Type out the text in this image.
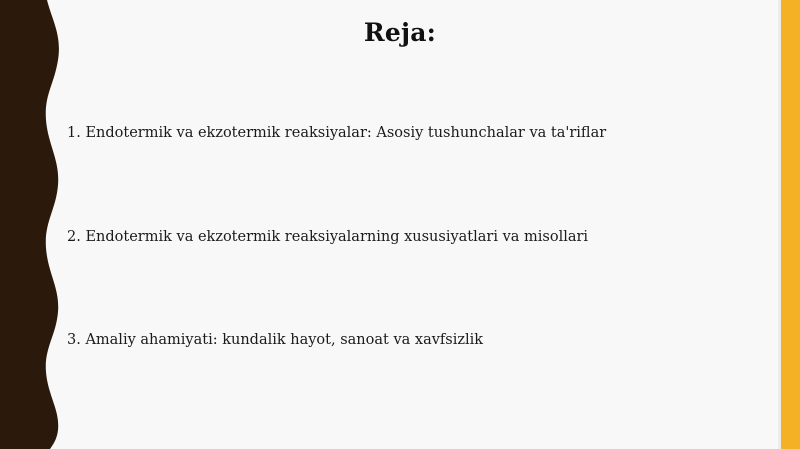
Reja:
1. Endotermik va ekzotermik reaksiyalar: Asosiy tushunchalar va ta'riflar
2. Endotermik va ekzotermik reaksiyalarning xususiyatlari va misollari
3. Amaliy ahamiyati: kundalik hayot, sanoat va xavfsizlik
